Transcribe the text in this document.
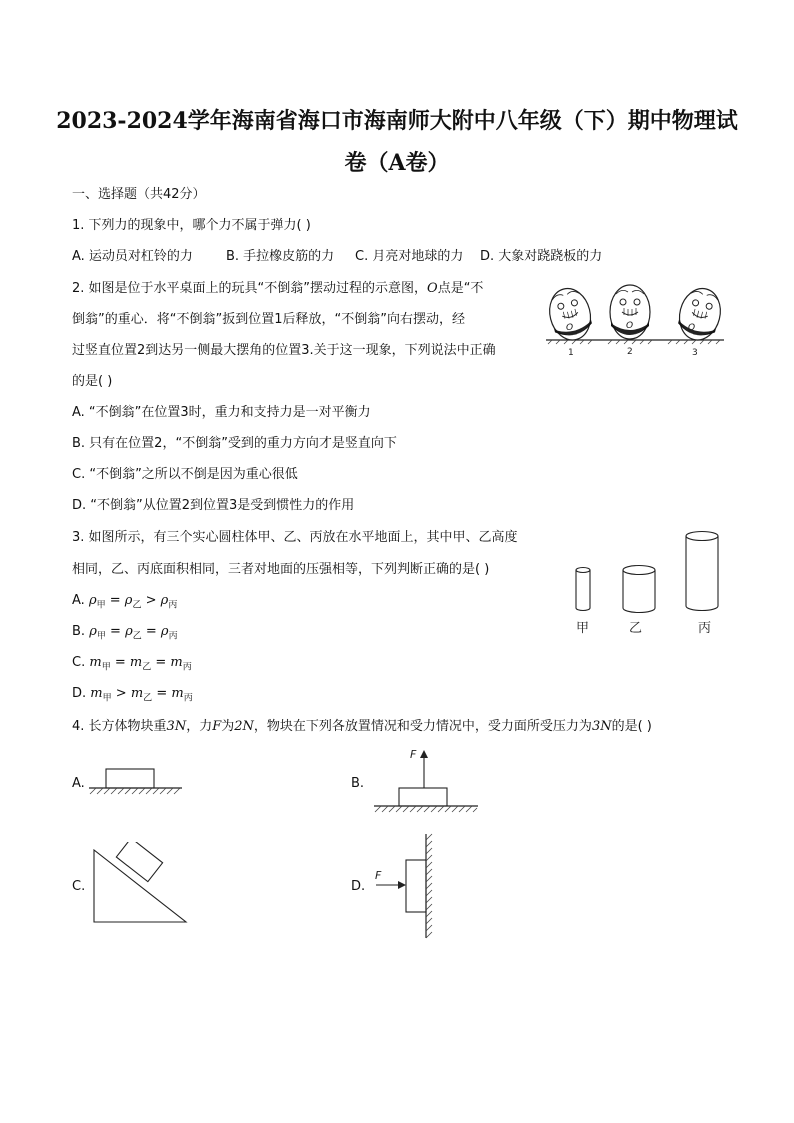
2023-2024学年海南省海口市海南师大附中八年级（下）期中物理试
卷（A卷）
一、选择题（共42分）
1. 下列力的现象中，哪个力不属于弹力( )
A. 运动员对杠铃的力	B. 手拉橡皮筋的力 C. 月亮对地球的力 D. 大象对跷跷板的力
2. 如图是位于水平桌面上的玩具“不倒翁”摆动过程的示意图，O点是“不
倒翁”的重心．将“不倒翁”扳到位置1后释放，“不倒翁”向右摆动，经
过竖直位置2到达另一侧最大摆角的位置3.关于这一现象，下列说法中正确
的是( )
A. “不倒翁”在位置3时，重力和支持力是一对平衡力
B. 只有在位置2，“不倒翁”受到的重力方向才是竖直向下
C. “不倒翁”之所以不倒是因为重心很低
D. “不倒翁”从位置2到位置3是受到惯性力的作用
O	O	O
1	2	3
3. 如图所示，有三个实心圆柱体甲、乙、丙放在水平地面上，其中甲、乙高度
相同，乙、丙底面积相同，三者对地面的压强相等，下列判断正确的是( )
A. $\rho_甲 = \rho_乙 > \rho_丙$
B. $\rho_甲 = \rho_乙 = \rho_丙$
C. $m_甲 = m_乙 = m_丙$
D. $m_甲 > m_乙 = m_丙$
甲	乙	丙
4. 长方体物块重3N，力F为2N，物块在下列各放置情况和受力情况中，受力面所受压力为3N的是( )
A.	B.
F
C.	D.
F
